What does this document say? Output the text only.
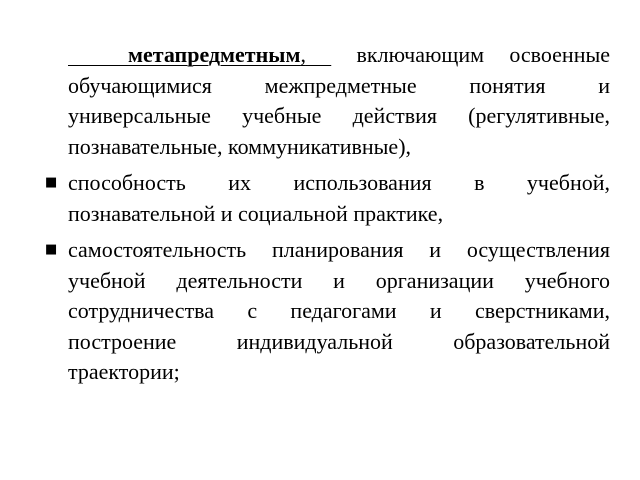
метапредметным, включающим освоенные обучающимися межпредметные понятия и универсальные учебные действия (регулятивные, познавательные, коммуникативные),

■ способность их использования в учебной, познавательной и социальной практике,
■ самостоятельность планирования и осуществления учебной деятельности и организации учебного сотрудничества с педагогами и сверстниками, построение индивидуальной образовательной траектории;
